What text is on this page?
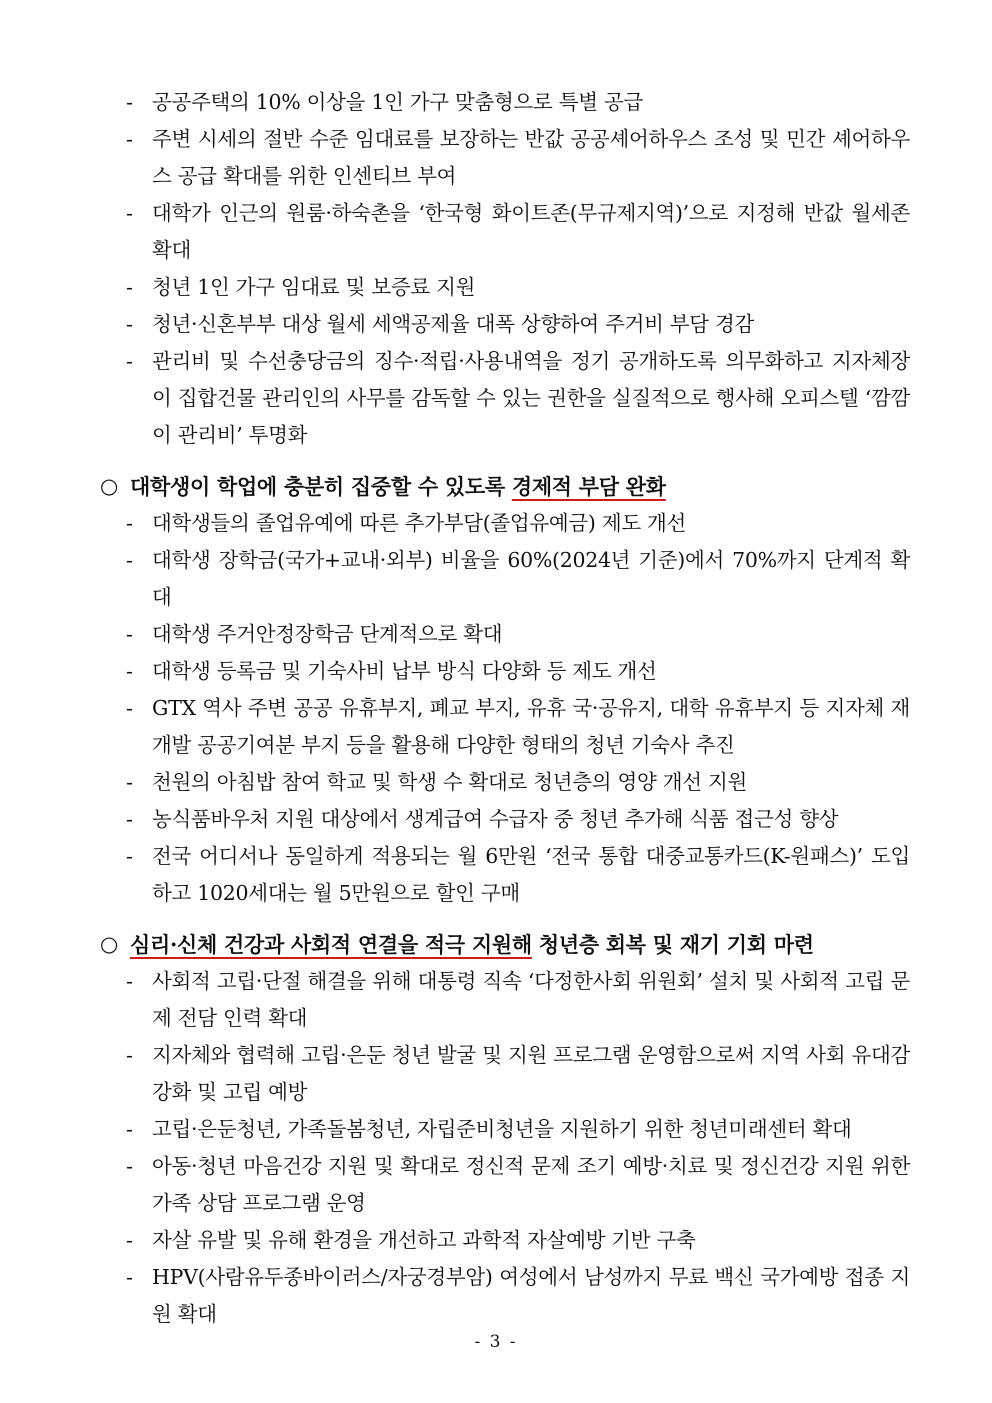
- 공공주택의 10% 이상을 1인 가구 맞춤형으로 특별 공급
- 주변 시세의 절반 수준 임대료를 보장하는 반값 공공셰어하우스 조성 및 민간 셰어하우스 공급 확대를 위한 인센티브 부여
- 대학가 인근의 원룸·하숙촌을 ‘한국형 화이트존(무규제지역)’으로 지정해 반값 월세존 확대
- 청년 1인 가구 임대료 및 보증료 지원
- 청년·신혼부부 대상 월세 세액공제율 대폭 상향하여 주거비 부담 경감
- 관리비 및 수선충당금의 징수·적립·사용내역을 정기 공개하도록 의무화하고 지자체장이 집합건물 관리인의 사무를 감독할 수 있는 권한을 실질적으로 행사해 오피스텔 ‘깜깜이 관리비’ 투명화
○ 대학생이 학업에 충분히 집중할 수 있도록 경제적 부담 완화
- 대학생들의 졸업유예에 따른 추가부담(졸업유예금) 제도 개선
- 대학생 장학금(국가+교내·외부) 비율을 60%(2024년 기준)에서 70%까지 단계적 확대
- 대학생 주거안정장학금 단계적으로 확대
- 대학생 등록금 및 기숙사비 납부 방식 다양화 등 제도 개선
- GTX 역사 주변 공공 유휴부지, 폐교 부지, 유휴 국·공유지, 대학 유휴부지 등 지자체 재개발 공공기여분 부지 등을 활용해 다양한 형태의 청년 기숙사 추진
- 천원의 아침밥 참여 학교 및 학생 수 확대로 청년층의 영양 개선 지원
- 농식품바우처 지원 대상에서 생계급여 수급자 중 청년 추가해 식품 접근성 향상
- 전국 어디서나 동일하게 적용되는 월 6만원 ‘전국 통합 대중교통카드(K-원패스)’ 도입하고 1020세대는 월 5만원으로 할인 구매
○ 심리·신체 건강과 사회적 연결을 적극 지원해 청년층 회복 및 재기 기회 마련
- 사회적 고립·단절 해결을 위해 대통령 직속 ‘다정한사회 위원회’ 설치 및 사회적 고립 문제 전담 인력 확대
- 지자체와 협력해 고립·은둔 청년 발굴 및 지원 프로그램 운영함으로써 지역 사회 유대감 강화 및 고립 예방
- 고립·은둔청년, 가족돌봄청년, 자립준비청년을 지원하기 위한 청년미래센터 확대
- 아동·청년 마음건강 지원 및 확대로 정신적 문제 조기 예방·치료 및 정신건강 지원 위한 가족 상담 프로그램 운영
- 자살 유발 및 유해 환경을 개선하고 과학적 자살예방 기반 구축
- HPV(사람유두종바이러스/자궁경부암) 여성에서 남성까지 무료 백신 국가예방 접종 지원 확대
- 3 -
